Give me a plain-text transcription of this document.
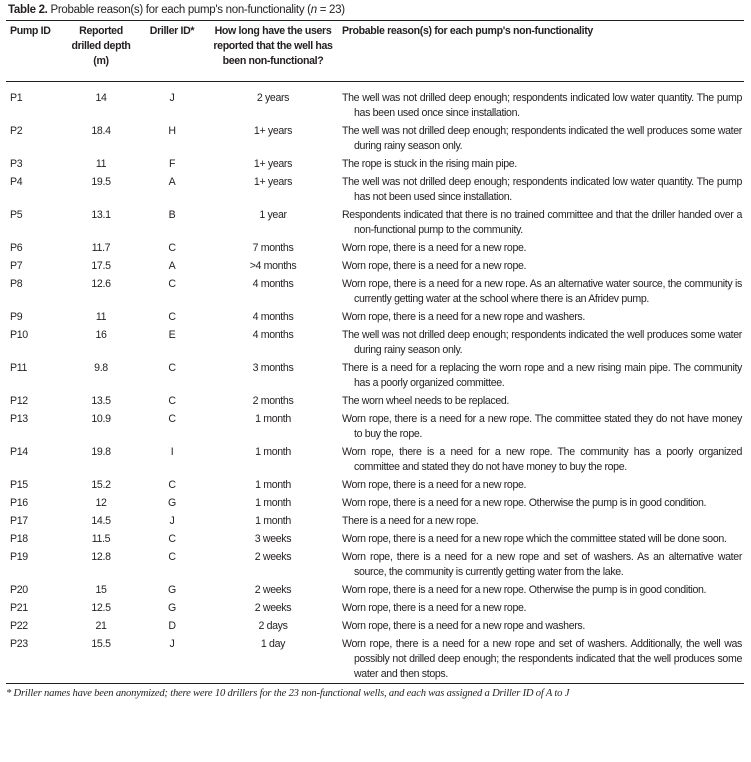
Table 2. Probable reason(s) for each pump's non-functionality (n = 23)
Pump ID	Reported drilled depth (m)	Driller ID*	How long have the users reported that the well has been non-functional?	Probable reason(s) for each pump's non-functionality
P1	14	J	2 years	The well was not drilled deep enough; respondents indicated low water quantity. The pump has been used once since installation.
P2	18.4	H	1+ years	The well was not drilled deep enough; respondents indicated the well produces some water during rainy season only.
P3	11	F	1+ years	The rope is stuck in the rising main pipe.
P4	19.5	A	1+ years	The well was not drilled deep enough; respondents indicated low water quantity. The pump has not been used since installation.
P5	13.1	B	1 year	Respondents indicated that there is no trained committee and that the driller handed over a non-functional pump to the community.
P6	11.7	C	7 months	Worn rope, there is a need for a new rope.
P7	17.5	A	>4 months	Worn rope, there is a need for a new rope.
P8	12.6	C	4 months	Worn rope, there is a need for a new rope. As an alternative water source, the community is currently getting water at the school where there is an Afridev pump.
P9	11	C	4 months	Worn rope, there is a need for a new rope and washers.
P10	16	E	4 months	The well was not drilled deep enough; respondents indicated the well produces some water during rainy season only.
P11	9.8	C	3 months	There is a need for a replacing the worn rope and a new rising main pipe. The community has a poorly organized committee.
P12	13.5	C	2 months	The worn wheel needs to be replaced.
P13	10.9	C	1 month	Worn rope, there is a need for a new rope. The committee stated they do not have money to buy the rope.
P14	19.8	I	1 month	Worn rope, there is a need for a new rope. The community has a poorly organized committee and stated they do not have money to buy the rope.
P15	15.2	C	1 month	Worn rope, there is a need for a new rope.
P16	12	G	1 month	Worn rope, there is a need for a new rope. Otherwise the pump is in good condition.
P17	14.5	J	1 month	There is a need for a new rope.
P18	11.5	C	3 weeks	Worn rope, there is a need for a new rope which the committee stated will be done soon.
P19	12.8	C	2 weeks	Worn rope, there is a need for a new rope and set of washers. As an alternative water source, the community is currently getting water from the lake.
P20	15	G	2 weeks	Worn rope, there is a need for a new rope. Otherwise the pump is in good condition.
P21	12.5	G	2 weeks	Worn rope, there is a need for a new rope.
P22	21	D	2 days	Worn rope, there is a need for a new rope and washers.
P23	15.5	J	1 day	Worn rope, there is a need for a new rope and set of washers. Additionally, the well was possibly not drilled deep enough; the respondents indicated that the well produces some water and then stops.
* Driller names have been anonymized; there were 10 drillers for the 23 non-functional wells, and each was assigned a Driller ID of A to J
